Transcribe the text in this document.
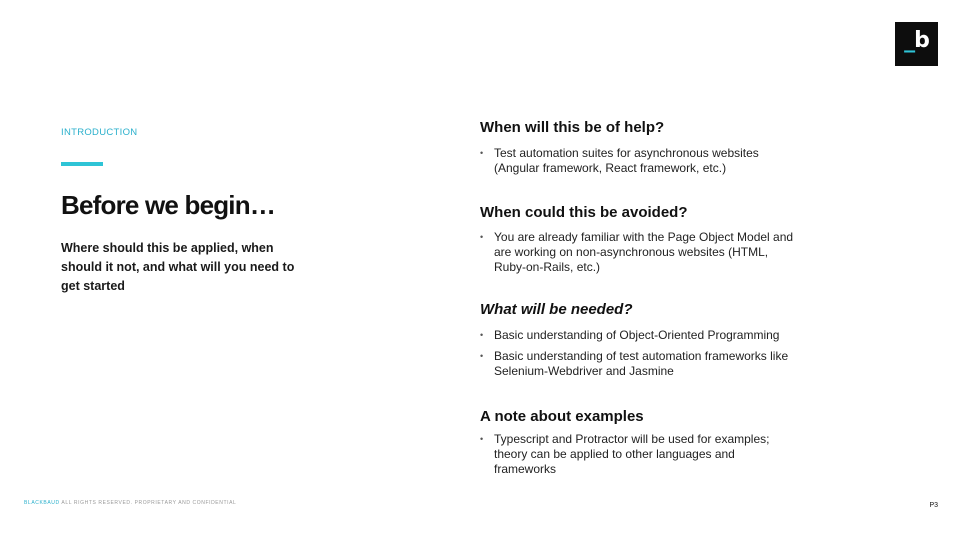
_b
INTRODUCTION
Before we begin…

Where should this be applied, when should it not, and what will you need to get started

When will this be of help?

• Test automation suites for asynchronous websites (Angular framework, React framework, etc.)

When could this be avoided?

• You are already familiar with the Page Object Model and are working on non-asynchronous websites (HTML, Ruby-on-Rails, etc.)

What will be needed?

• Basic understanding of Object-Oriented Programming

• Basic understanding of test automation frameworks like Selenium-Webdriver and Jasmine

A note about examples

• Typescript and Protractor will be used for examples; theory can be applied to other languages and frameworks

BLACKBAUD ALL RIGHTS RESERVED. PROPRIETARY AND CONFIDENTIAL	P3
